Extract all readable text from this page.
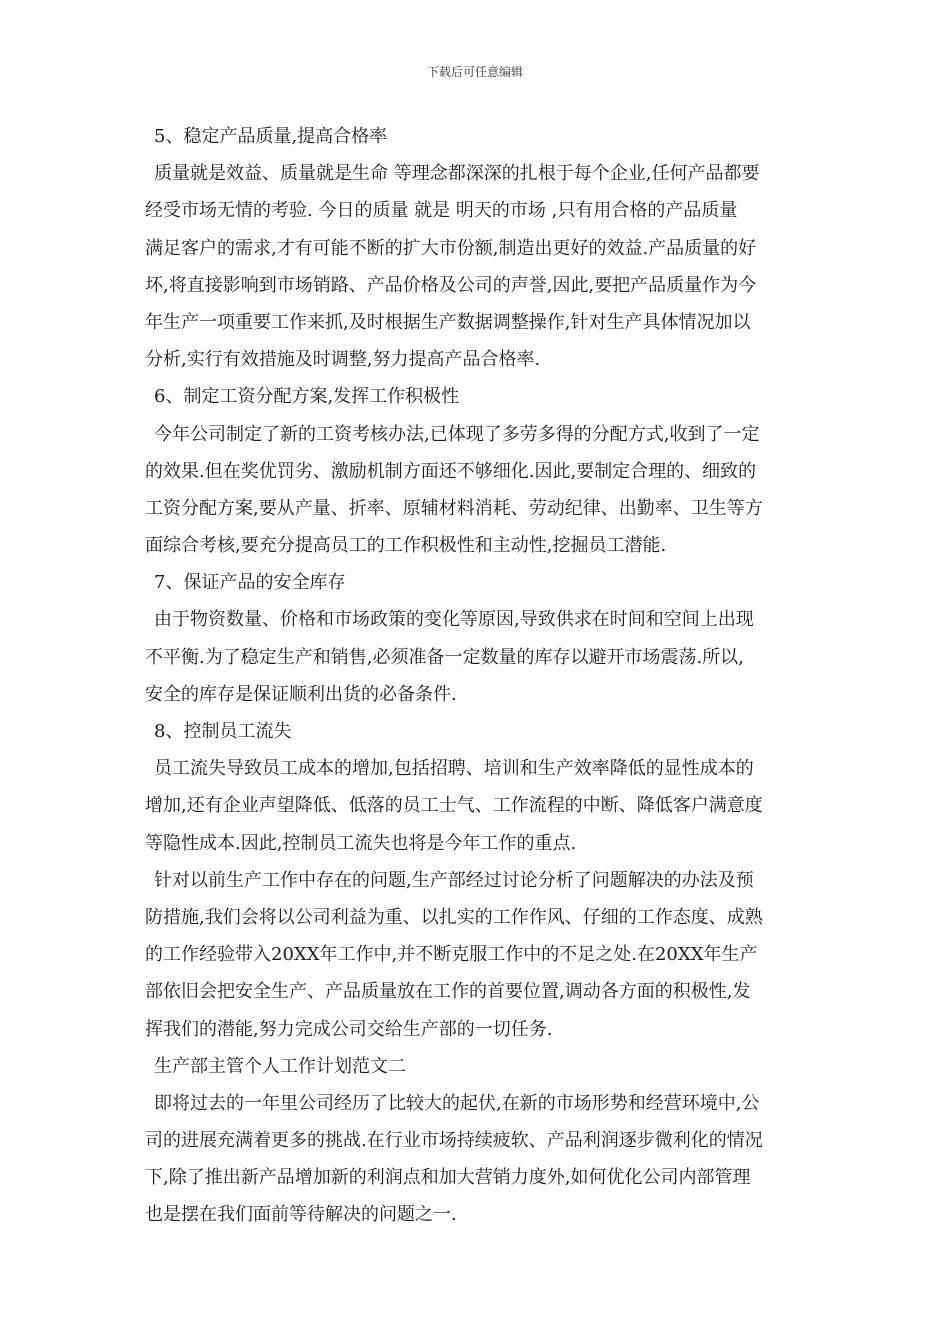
下载后可任意编辑
5、稳定产品质量,提高合格率
质量就是效益、质量就是生命 等理念都深深的扎根于每个企业,任何产品都要
经受市场无情的考验. 今日的质量 就是 明天的市场 ,只有用合格的产品质量
满足客户的需求,才有可能不断的扩大市份额,制造出更好的效益.产品质量的好
坏,将直接影响到市场销路、产品价格及公司的声誉,因此,要把产品质量作为今
年生产一项重要工作来抓,及时根据生产数据调整操作,针对生产具体情况加以
分析,实行有效措施及时调整,努力提高产品合格率.
6、制定工资分配方案,发挥工作积极性
今年公司制定了新的工资考核办法,已体现了多劳多得的分配方式,收到了一定
的效果.但在奖优罚劣、激励机制方面还不够细化.因此,要制定合理的、细致的
工资分配方案,要从产量、折率、原辅材料消耗、劳动纪律、出勤率、卫生等方
面综合考核,要充分提高员工的工作积极性和主动性,挖掘员工潜能.
7、保证产品的安全库存
由于物资数量、价格和市场政策的变化等原因,导致供求在时间和空间上出现
不平衡.为了稳定生产和销售,必须准备一定数量的库存以避开市场震荡.所以,
安全的库存是保证顺利出货的必备条件.
8、控制员工流失
员工流失导致员工成本的增加,包括招聘、培训和生产效率降低的显性成本的
增加,还有企业声望降低、低落的员工士气、工作流程的中断、降低客户满意度
等隐性成本.因此,控制员工流失也将是今年工作的重点.
针对以前生产工作中存在的问题,生产部经过讨论分析了问题解决的办法及预
防措施,我们会将以公司利益为重、以扎实的工作作风、仔细的工作态度、成熟
的工作经验带入20XX年工作中,并不断克服工作中的不足之处.在20XX年生产
部依旧会把安全生产、产品质量放在工作的首要位置,调动各方面的积极性,发
挥我们的潜能,努力完成公司交给生产部的一切任务.
生产部主管个人工作计划范文二
即将过去的一年里公司经历了比较大的起伏,在新的市场形势和经营环境中,公
司的进展充满着更多的挑战.在行业市场持续疲软、产品利润逐步微利化的情况
下,除了推出新产品增加新的利润点和加大营销力度外,如何优化公司内部管理
也是摆在我们面前等待解决的问题之一.
